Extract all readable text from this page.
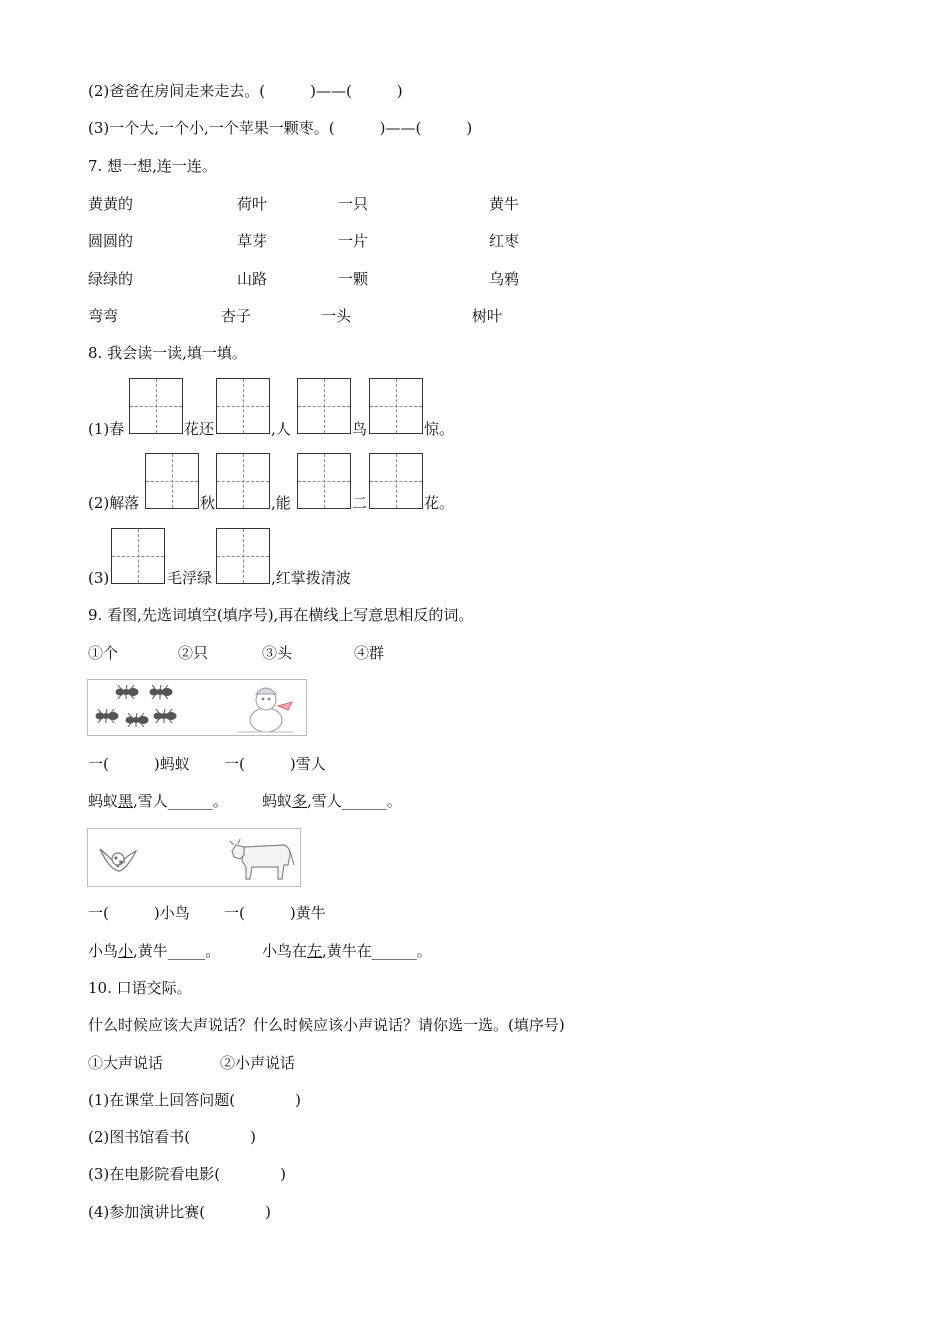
(2)爸爸在房间走来走去。(　　　)——(　　　)
(3)一个大,一个小,一个苹果一颗枣。(　　　)——(　　　)
7. 想一想,连一连。
黄黄的	荷叶	一只	黄牛
圆圆的	草芽	一片	红枣
绿绿的	山路	一颗	乌鸦
弯弯	杏子	一头	树叶
8. 我会读一读,填一填。
(1)春	花还	,人	鸟	惊。
(2)解落	秋	,能	二	花。
(3)	毛浮绿	,红掌拨清波
9. 看图,先选词填空(填序号),再在横线上写意思相反的词。
①个	②只	③头	④群
一(　　　)蚂蚁 一(　　　)雪人
蚂蚁黑,雪人______。 蚂蚁多,雪人______。
一(　　　)小鸟 一(　　　)黄牛
小鸟小,黄牛_____。	小鸟在左,黄牛在______。
10. 口语交际。
什么时候应该大声说话？什么时候应该小声说话？请你选一选。(填序号)
①大声说话	②小声说话
(1)在课堂上回答问题(　　　　)
(2)图书馆看书(　　　　)
(3)在电影院看电影(　　　　)
(4)参加演讲比赛(　　　　)
